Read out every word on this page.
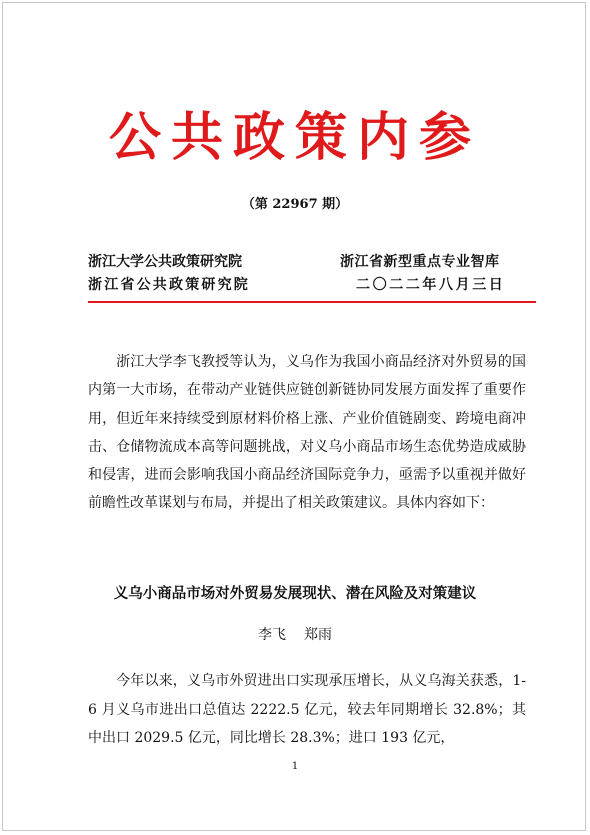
公共政策内参
（第 22967 期）
浙江大学公共政策研究院
浙江省公共政策研究院
浙江省新型重点专业智库
二〇二二年八月三日
浙江大学李飞教授等认为，义乌作为我国小商品经济对外贸易的国内第一大市场，在带动产业链供应链创新链协同发展方面发挥了重要作用，但近年来持续受到原材料价格上涨、产业价值链剧变、跨境电商冲击、仓储物流成本高等问题挑战，对义乌小商品市场生态优势造成威胁和侵害，进而会影响我国小商品经济国际竞争力，亟需予以重视并做好前瞻性改革谋划与布局，并提出了相关政策建议。具体内容如下：
义乌小商品市场对外贸易发展现状、潜在风险及对策建议
李飞 郑雨
今年以来，义乌市外贸进出口实现承压增长，从义乌海关获悉，1-6 月义乌市进出口总值达 2222.5 亿元，较去年同期增长 32.8%；其中出口 2029.5 亿元，同比增长 28.3%；进口 193 亿元，
1
